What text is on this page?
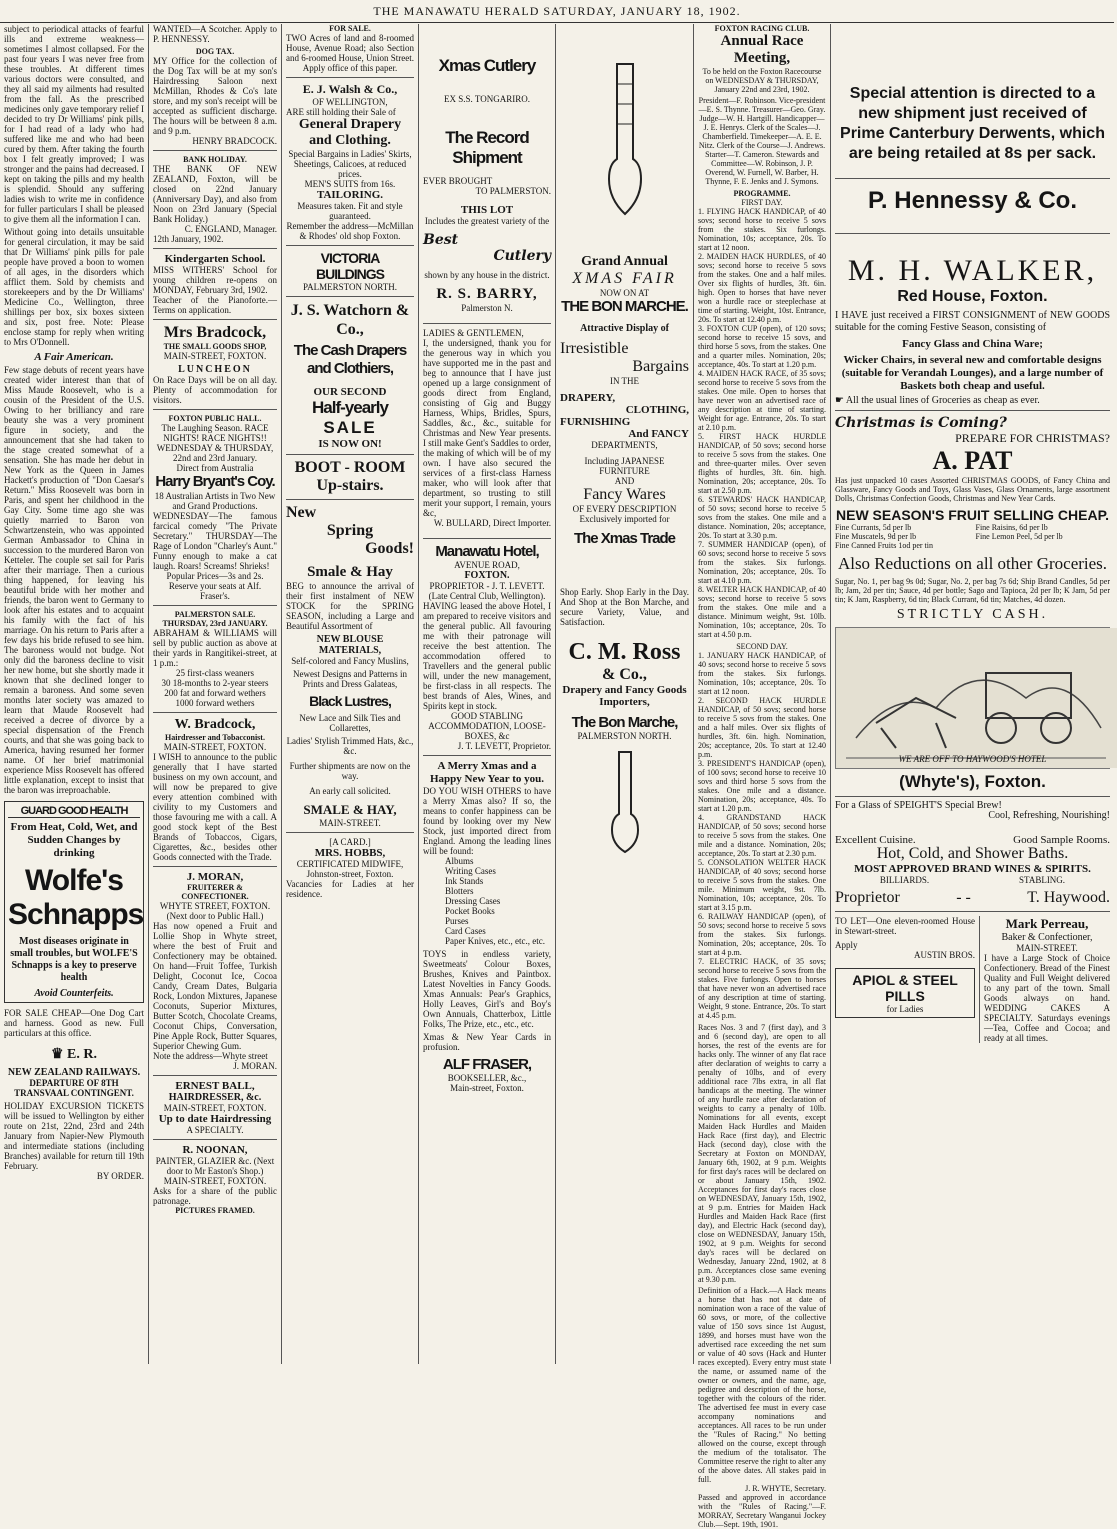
THE MANAWATU HERALD SATURDAY, JANUARY 18, 1902.
subject to periodical attacks of fearful ills and extreme weakness—sometimes I almost collapsed. For the past four years I was never free from these troubles. At different times various doctors were consulted, and they all said my ailments had resulted from the fall. As the prescribed medicines only gave temporary relief I decided to try Dr Williams' pink pills, for I had read of a lady who had suffered like me and who had been cured by them. After taking the fourth box I felt greatly improved; I was stronger and the pains had decreased. I kept on taking the pills and my health is splendid. Should any suffering ladies wish to write me in confidence for fuller particulars I shall be pleased to give them all the information I can.
Without going into details unsuitable for general circulation, it may be said that Dr Williams' pink pills for pale people have proved a boon to women of all ages, in the disorders which afflict them. Sold by chemists and storekeepers and by the Dr Williams' Medicine Co., Wellington, three shillings per box, six boxes sixteen and six, post free. Note: Please enclose stamp for reply when writing to Mrs O'Donnell.
A Fair American.
Few stage debuts of recent years have created wider interest than that of Miss Maude Roosevelt, who is a cousin of the President of the U.S. Owing to her brilliancy and rare beauty she was a very prominent figure in society, and the announcement that she had taken to the stage created somewhat of a sensation. She has made her debut in New York as the Queen in James Hackett's production of "Don Caesar's Return." Miss Roosevelt was born in Paris, and spent her childhood in the Gay City. Some time ago she was quietly married to Baron von Schwartzenstein, who was appointed German Ambassador to China in succession to the murdered Baron von Ketteler. The couple set sail for Paris after their marriage. Then a curious thing happened, for leaving his beautiful bride with her mother and friends, the baron went to Germany to look after his estates and to acquaint his family with the fact of his marriage. On his return to Paris after a few days his bride refused to see him. The baroness would not budge. Not only did the baroness decline to visit her new home, but she shortly made it known that she declined longer to remain a baroness. And some seven months later society was amazed to learn that Maude Roosevelt had received a decree of divorce by a special dispensation of the French courts, and that she was going back to America, having resumed her former name. Of her brief matrimonial experience Miss Roosevelt has offered little explanation, except to insist that the baron was irreproachable.
GUARD GOOD HEALTH
From Heat, Cold, Wet, and Sudden Changes by drinking
Wolfe's Schnapps
Most diseases originate in small troubles, but WOLFE'S Schnapps is a key to preserve health
Avoid Counterfeits.
FOR SALE CHEAP—One Dog Cart and harness. Good as new. Full particulars at this office.
♛ E. R.
NEW ZEALAND RAILWAYS.
DEPARTURE OF 8TH TRANSVAAL CONTINGENT.
HOLIDAY EXCURSION TICKETS will be issued to Wellington by either route on 21st, 22nd, 23rd and 24th January from Napier-New Plymouth and intermediate stations (including Branches) available for return till 19th February.
BY ORDER.
WANTED—A Scotcher. Apply to P. HENNESSY.
DOG TAX.
MY Office for the collection of the Dog Tax will be at my son's Hairdressing Saloon next McMillan, Rhodes & Co's late store, and my son's receipt will be accepted as sufficient discharge. The hours will be between 8 a.m. and 9 p.m.
HENRY BRADCOCK.
BANK HOLIDAY.
THE BANK OF NEW ZEALAND, Foxton, will be closed on 22nd January (Anniversary Day), and also from Noon on 23rd January (Special Bank Holiday.)
C. ENGLAND, Manager.
12th January, 1902.
Kindergarten School.
MISS WITHERS' School for young children re-opens on MONDAY, February 3rd, 1902.
Teacher of the Pianoforte.—Terms on application.
Mrs Bradcock,
THE SMALL GOODS SHOP,
MAIN-STREET, FOXTON.
LUNCHEON
On Race Days will be on all day. Plenty of accommodation for visitors.
FOXTON PUBLIC HALL.
The Laughing Season. RACE NIGHTS! RACE NIGHTS!!
WEDNESDAY & THURSDAY, 22nd and 23rd January.
Direct from Australia
Harry Bryant's Coy.
18 Australian Artists in Two New and Grand Productions.
WEDNESDAY—The famous farcical comedy "The Private Secretary." THURSDAY—The Rage of London "Charley's Aunt." Funny enough to make a cat laugh. Roars! Screams! Shrieks!
Popular Prices—3s and 2s. Reserve your seats at Alf. Fraser's.
PALMERSTON SALE.
THURSDAY, 23rd JANUARY.
ABRAHAM & WILLIAMS will sell by public auction as above at their yards in Rangitikei-street, at 1 p.m.:
25 first-class weaners
30 18-months to 2-year steers
200 fat and forward wethers
1000 forward wethers
W. Bradcock,
Hairdresser and Tobacconist.
MAIN-STREET, FOXTON.
I WISH to announce to the public generally that I have started business on my own account, and will now be prepared to give every attention combined with civility to my Customers and those favouring me with a call. A good stock kept of the Best Brands of Tobaccos, Cigars, Cigarettes, &c., besides other Goods connected with the Trade.
J. MORAN,
FRUITERER & CONFECTIONER.
WHYTE STREET, FOXTON. (Next door to Public Hall.)
Has now opened a Fruit and Lollie Shop in Whyte street, where the best of Fruit and Confectionery may be obtained. On hand—Fruit Toffee, Turkish Delight, Coconut Ice, Cocoa Candy, Cream Dates, Bulgaria Rock, London Mixtures, Japanese Coconuts, Superior Mixtures, Butter Scotch, Chocolate Creams, Coconut Chips, Conversation, Pine Apple Rock, Butter Squares, Superior Chewing Gum.
Note the address—Whyte street
J. MORAN.
ERNEST BALL,
HAIRDRESSER, &c.
MAIN-STREET, FOXTON.
Up to date Hairdressing
A SPECIALTY.
R. NOONAN,
PAINTER, GLAZIER &c. (Next door to Mr Easton's Shop.)
MAIN-STREET, FOXTON.
Asks for a share of the public patronage.
PICTURES FRAMED.
FOR SALE.
TWO Acres of land and 8-roomed House, Avenue Road; also Section and 6-roomed House, Union Street.
Apply office of this paper.
E. J. Walsh & Co.,
OF WELLINGTON,
ARE still holding their Sale of
General Drapery and Clothing.
Special Bargains in Ladies' Skirts, Sheetings, Calicoes, at reduced prices.
MEN'S SUITS from 16s.
TAILORING.
Measures taken. Fit and style guaranteed.
Remember the address—McMillan & Rhodes' old shop Foxton.
VICTORIA BUILDINGS
PALMERSTON NORTH.
J. S. Watchorn & Co.,
The Cash Drapers and Clothiers,
OUR SECOND
Half-yearly
SALE
IS NOW ON!
BOOT - ROOM
Up-stairs.
New
Spring
Goods!
Smale & Hay
BEG to announce the arrival of their first instalment of NEW STOCK for the SPRING SEASON, including a Large and Beautiful Assortment of
NEW BLOUSE MATERIALS,
Self-colored and Fancy Muslins,
Newest Designs and Patterns in Prints and Dress Galateas,
Black Lustres,
New Lace and Silk Ties and Collarettes,
Ladies' Stylish Trimmed Hats, &c., &c.
Further shipments are now on the way.
An early call solicited.
SMALE & HAY,
MAIN-STREET.
[A CARD.]
MRS. HOBBS,
CERTIFICATED MIDWIFE,
Johnston-street, Foxton.
Vacancies for Ladies at her residence.
Xmas Cutlery
EX S.S. TONGARIRO.
The Record Shipment
EVER BROUGHT
TO PALMERSTON.
THIS LOT
Includes the greatest variety of the
Best
Cutlery
shown by any house in the district.
R. S. BARRY,
Palmerston N.
LADIES & GENTLEMEN,
I, the undersigned, thank you for the generous way in which you have supported me in the past and beg to announce that I have just opened up a large consignment of goods direct from England, consisting of Gig and Buggy Harness, Whips, Bridles, Spurs, Saddles, &c., &c., suitable for Christmas and New Year presents. I still make Gent's Saddles to order, the making of which will be of my own. I have also secured the services of a first-class Harness maker, who will look after that department, so trusting to still merit your support, I remain, yours &c,
W. BULLARD, Direct Importer.
Manawatu Hotel,
AVENUE ROAD,
FOXTON.
PROPRIETOR - J. T. LEVETT. (Late Central Club, Wellington).
HAVING leased the above Hotel, I am prepared to receive visitors and the general public. All favouring me with their patronage will receive the best attention. The accommodation offered to Travellers and the general public will, under the new management, be first-class in all respects. The best brands of Ales, Wines, and Spirits kept in stock.
GOOD STABLING ACCOMMODATION, LOOSE-BOXES, &c
J. T. LEVETT, Proprietor.
A Merry Xmas and a Happy New Year to you.
DO YOU WISH OTHERS to have a Merry Xmas also? If so, the means to confer happiness can be found by looking over my New Stock, just imported direct from England. Among the leading lines will be found:
Albums
Writing Cases
Ink Stands
Blotters
Dressing Cases
Pocket Books
Purses
Card Cases
Paper Knives, etc., etc., etc.
TOYS in endless variety, Sweetmeats' Colour Boxes, Brushes, Knives and Paintbox. Latest Novelties in Fancy Goods. Xmas Annuals: Pear's Graphics, Holly Leaves, Girl's and Boy's Own Annuals, Chatterbox, Little Folks, The Prize, etc., etc., etc.
Xmas & New Year Cards in profusion.
ALF FRASER,
BOOKSELLER, &c.,
Main-street, Foxton.
Grand Annual
XMAS FAIR
NOW ON AT
THE BON MARCHE.
Attractive Display of
Irresistible
Bargains
IN THE
DRAPERY,
CLOTHING,
FURNISHING
And FANCY
DEPARTMENTS,
Including JAPANESE FURNITURE
AND
Fancy Wares
OF EVERY DESCRIPTION
Exclusively imported for
The Xmas Trade
Shop Early. Shop Early in the Day. And Shop at the Bon Marche, and secure Variety, Value, and Satisfaction.
C. M. Ross
& Co.,
Drapery and Fancy Goods Importers,
The Bon Marche,
PALMERSTON NORTH.
FOXTON RACING CLUB.
Annual Race Meeting,
To be held on the Foxton Racecourse on WEDNESDAY & THURSDAY, January 22nd and 23rd, 1902.
President—F. Robinson. Vice-president—E. S. Thynne. Treasurer—Geo. Gray. Judge—W. H. Hartgill. Handicapper—J. E. Henrys. Clerk of the Scales—J. Chamberfield. Timekeeper—A. E. E. Nitz. Clerk of the Course—J. Andrews. Starter—T. Cameron. Stewards and Committee—W. Robinson, J. P. Overend, W. Furnell, W. Barber, H. Thynne, F. E. Jenks and J. Symons.
PROGRAMME.
FIRST DAY.
1. FLYING HACK HANDICAP, of 40 sovs; second horse to receive 5 sovs from the stakes. Six furlongs. Nomination, 10s; acceptance, 20s. To start at 12 noon.
2. MAIDEN HACK HURDLES, of 40 sovs; second horse to receive 5 sovs from the stakes. One and a half miles. Over six flights of hurdles, 3ft. 6in. high. Open to horses that have never won a hurdle race or steeplechase at time of starting. Weight, 10st. Entrance, 20s. To start at 12.40 p.m.
3. FOXTON CUP (open), of 120 sovs; second horse to receive 15 sovs, and third horse 5 sovs, from the stakes. One and a quarter miles. Nomination, 20s; acceptance, 40s. To start at 1.20 p.m.
4. MAIDEN HACK RACE, of 35 sovs; second horse to receive 5 sovs from the stakes. One mile. Open to horses that have never won an advertised race of any description at time of starting. Weight for age. Entrance, 20s. To start at 2.10 p.m.
5. FIRST HACK HURDLE HANDICAP, of 50 sovs; second horse to receive 5 sovs from the stakes. One and three-quarter miles. Over seven flights of hurdles, 3ft. 6in. high. Nomination, 20s; acceptance, 20s. To start at 2.50 p.m.
6. STEWARDS' HACK HANDICAP, of 50 sovs; second horse to receive 5 sovs from the stakes. One mile and a distance. Nomination, 20s; acceptance, 20s. To start at 3.30 p.m.
7. SUMMER HANDICAP (open), of 60 sovs; second horse to receive 5 sovs from the stakes. Six furlongs. Nomination, 20s; acceptance, 20s. To start at 4.10 p.m.
8. WELTER HACK HANDICAP, of 40 sovs; second horse to receive 5 sovs from the stakes. One mile and a distance. Minimum weight, 9st. 10lb. Nomination, 10s; acceptance, 20s. To start at 4.50 p.m.
SECOND DAY.
1. JANUARY HACK HANDICAP, of 40 sovs; second horse to receive 5 sovs from the stakes. Six furlongs. Nomination, 10s; acceptance, 20s. To start at 12 noon.
2. SECOND HACK HURDLE HANDICAP, of 50 sovs; second horse to receive 5 sovs from the stakes. One and a half miles. Over six flights of hurdles, 3ft. 6in. high. Nomination, 20s; acceptance, 20s. To start at 12.40 p.m.
3. PRESIDENT'S HANDICAP (open), of 100 sovs; second horse to receive 10 sovs and third horse 5 sovs from the stakes. One mile and a distance. Nomination, 20s; acceptance, 40s. To start at 1.20 p.m.
4. GRANDSTAND HACK HANDICAP, of 50 sovs; second horse to receive 5 sovs from the stakes. One mile and a distance. Nomination, 20s; acceptance, 20s. To start at 2.30 p.m.
5. CONSOLATION WELTER HACK HANDICAP, of 40 sovs; second horse to receive 5 sovs from the stakes. One mile. Minimum weight, 9st. 7lb. Nomination, 10s; acceptance, 20s. To start at 3.15 p.m.
6. RAILWAY HANDICAP (open), of 50 sovs; second horse to receive 5 sovs from the stakes. Six furlongs. Nomination, 20s; acceptance, 20s. To start at 4 p.m.
7. ELECTRIC HACK, of 35 sovs; second horse to receive 5 sovs from the stakes. Five furlongs. Open to horses that have never won an advertised race of any description at time of starting. Weight, 9 stone. Entrance, 20s. To start at 4.45 p.m.
Races Nos. 3 and 7 (first day), and 3 and 6 (second day), are open to all horses, the rest of the events are for hacks only. The winner of any flat race after declaration of weights to carry a penalty of 10lbs, and of every additional race 7lbs extra, in all flat handicaps at the meeting. The winner of any hurdle race after declaration of weights to carry a penalty of 10lb. Nominations for all events, except Maiden Hack Hurdles and Maiden Hack Race (first day), and Electric Hack (second day), close with the Secretary at Foxton on MONDAY, January 6th, 1902, at 9 p.m. Weights for first day's races will be declared on or about January 15th, 1902. Acceptances for first day's races close on WEDNESDAY, January 15th, 1902, at 9 p.m. Entries for Maiden Hack Hurdles and Maiden Hack Race (first day), and Electric Hack (second day), close on WEDNESDAY, January 15th, 1902, at 9 p.m. Weights for second day's races will be declared on Wednesday, January 22nd, 1902, at 8 p.m. Acceptances close same evening at 9.30 p.m.
Definition of a Hack.—A Hack means a horse that has not at date of nomination won a race of the value of 60 sovs, or more, of the collective value of 150 sovs since 1st August, 1899, and horses must have won the advertised race exceeding the net sum or value of 40 sovs (Hack and Hunter races excepted). Every entry must state the name, or assumed name of the owner or owners, and the name, age, pedigree and description of the horse, together with the colours of the rider. The advertised fee must in every case accompany nominations and acceptances. All races to be run under the "Rules of Racing." No betting allowed on the course, except through the medium of the totalisator. The Committee reserve the right to alter any of the above dates. All stakes paid in full.
J. R. WHYTE, Secretary.
Passed and approved in accordance with the "Rules of Racing."—F. MORRAY, Secretary Wanganui Jockey Club.—Sept. 19th, 1901.
Special attention is directed to a new shipment just received of Prime Canterbury Derwents, which are being retailed at 8s per sack.
P. Hennessy & Co.
M. H. WALKER,
Red House, Foxton.
I HAVE just received a FIRST CONSIGNMENT of NEW GOODS suitable for the coming Festive Season, consisting of
Fancy Glass and China Ware;
Wicker Chairs, in several new and comfortable designs (suitable for Verandah Lounges), and a large number of Baskets both cheap and useful.
☛ All the usual lines of Groceries as cheap as ever.
Christmas is Coming?
PREPARE FOR CHRISTMAS?
A. PAT
Has just unpacked 10 cases Assorted CHRISTMAS GOODS, of Fancy China and Glassware, Fancy Goods and Toys, Glass Vases, Glass Ornaments, large assortment Dolls, Christmas Confection Goods, Christmas and New Year Cards.
NEW SEASON'S FRUIT SELLING CHEAP.
Fine Currants, 5d per lb	Fine Raisins, 6d per lb
Fine Muscatels, 9d per lb	Fine Lemon Peel, 5d per lb
Fine Canned Fruits 1od per tin
Also Reductions on all other Groceries.
Sugar, No. 1, per bag 9s 0d; Sugar, No. 2, per bag 7s 6d; Ship Brand Candles, 5d per lb; Jam, 2d per tin; Sauce, 4d per bottle; Sago and Tapioca, 2d per lb; K Jam, 5d per tin; K Jam, Raspberry, 6d tin; Black Currant, 6d tin; Matches, 4d dozen.
STRICTLY CASH.
WE ARE OFF TO HAYWOOD'S HOTEL
(Whyte's), Foxton.
For a Glass of SPEIGHT'S Special Brew!
Cool, Refreshing, Nourishing!
Excellent Cuisine.	Good Sample Rooms.
Hot, Cold, and Shower Baths.
MOST APPROVED BRAND WINES & SPIRITS.
BILLIARDS.	STABLING.
Proprietor	- -	T. Haywood.
TO LET—One eleven-roomed House in Stewart-street.
Apply
AUSTIN BROS.
APIOL & STEEL PILLS
for Ladies
Mark Perreau,
Baker & Confectioner,
MAIN-STREET.
I have a Large Stock of Choice Confectionery. Bread of the Finest Quality and Full Weight delivered to any part of the town. Small Goods always on hand. WEDDING CAKES A SPECIALTY. Saturdays evenings—Tea, Coffee and Cocoa; and ready at all times.
